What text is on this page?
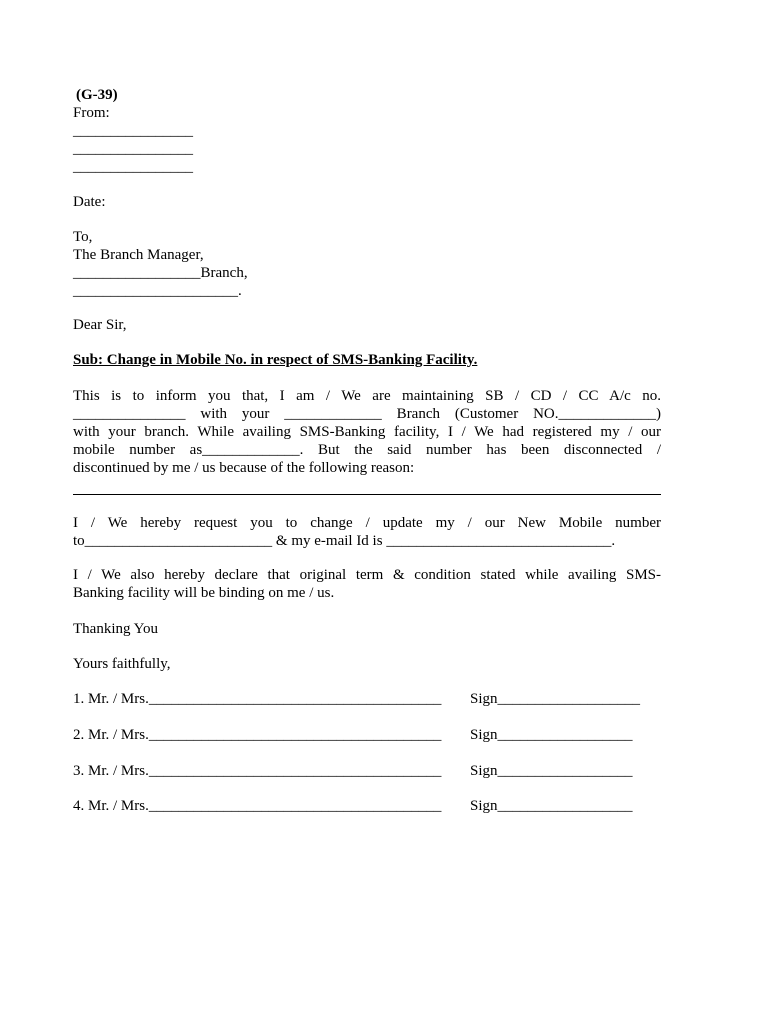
(G-39)
From:
________________
________________
________________
Date:
To,
The Branch Manager,
_________________Branch,
______________________.
Dear Sir,
Sub: Change in Mobile No. in respect of SMS-Banking Facility.
This is to inform you that, I am / We are maintaining SB / CD / CC A/c no.
_______________ with your _____________ Branch (Customer NO._____________)
with your branch. While availing SMS-Banking facility, I / We had registered my / our
mobile number as_____________. But the said number has been disconnected /
discontinued by me / us because of the following reason:
I / We hereby request you to change / update my / our New Mobile number
to_________________________ & my e-mail Id is ______________________________.
I / We also hereby declare that original term & condition stated while availing SMS-
Banking facility will be binding on me / us.
Thanking You
Yours faithfully,
1. Mr. / Mrs._______________________________________ Sign___________________
2. Mr. / Mrs._______________________________________ Sign__________________
3. Mr. / Mrs._______________________________________ Sign__________________
4. Mr. / Mrs._______________________________________ Sign__________________
